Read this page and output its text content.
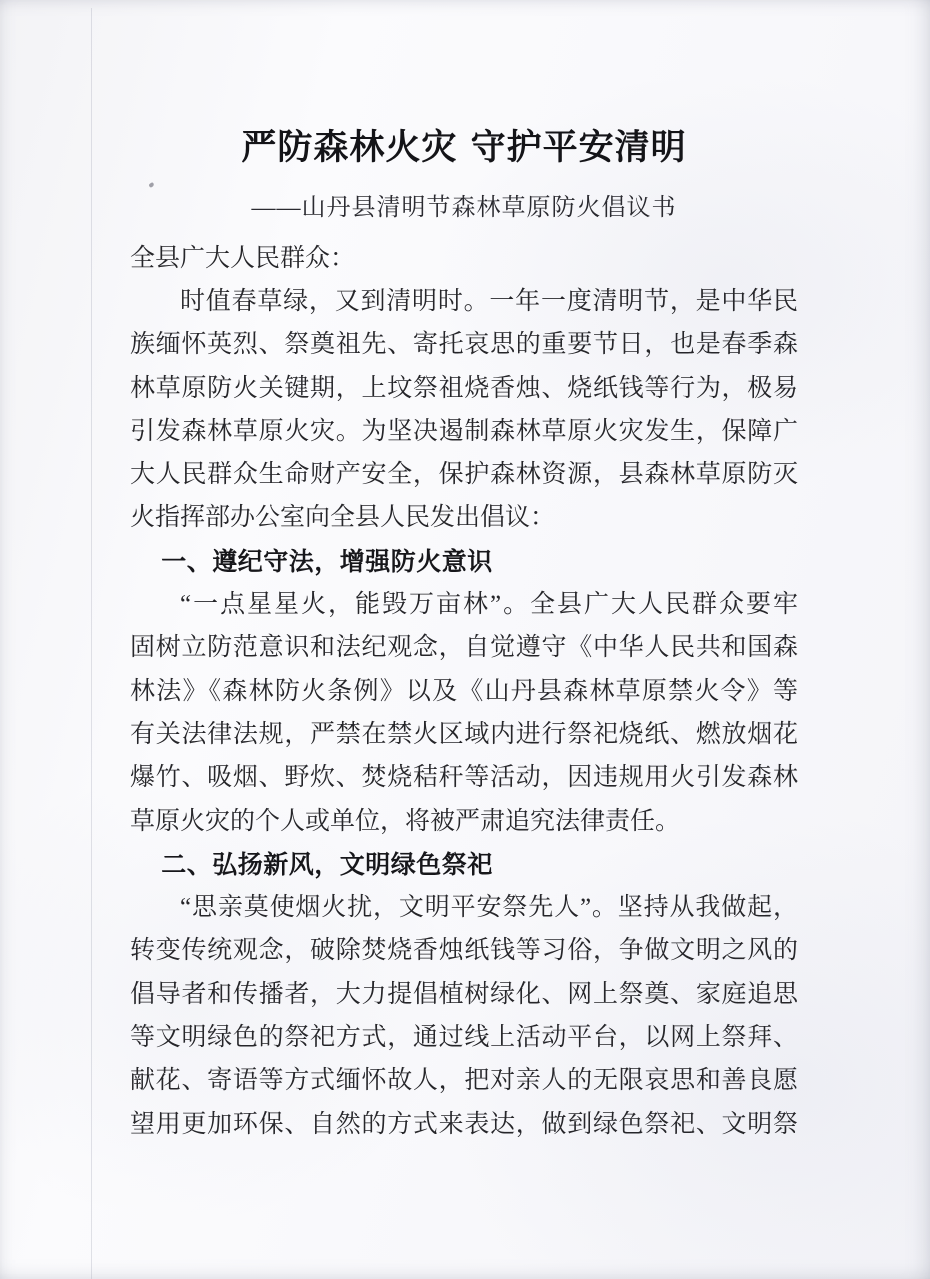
严防森林火灾 守护平安清明
——山丹县清明节森林草原防火倡议书
全县广大人民群众：
时值春草绿，又到清明时。一年一度清明节，是中华民
族缅怀英烈、祭奠祖先、寄托哀思的重要节日，也是春季森
林草原防火关键期，上坟祭祖烧香烛、烧纸钱等行为，极易
引发森林草原火灾。为坚决遏制森林草原火灾发生，保障广
大人民群众生命财产安全，保护森林资源，县森林草原防灭
火指挥部办公室向全县人民发出倡议：
一、遵纪守法，增强防火意识
“一点星星火，能毁万亩林”。全县广大人民群众要牢
固树立防范意识和法纪观念，自觉遵守《中华人民共和国森
林法》《森林防火条例》以及《山丹县森林草原禁火令》等
有关法律法规，严禁在禁火区域内进行祭祀烧纸、燃放烟花
爆竹、吸烟、野炊、焚烧秸秆等活动，因违规用火引发森林
草原火灾的个人或单位，将被严肃追究法律责任。
二、弘扬新风，文明绿色祭祀
“思亲莫使烟火扰，文明平安祭先人”。坚持从我做起，
转变传统观念，破除焚烧香烛纸钱等习俗，争做文明之风的
倡导者和传播者，大力提倡植树绿化、网上祭奠、家庭追思
等文明绿色的祭祀方式，通过线上活动平台，以网上祭拜、
献花、寄语等方式缅怀故人，把对亲人的无限哀思和善良愿
望用更加环保、自然的方式来表达，做到绿色祭祀、文明祭
